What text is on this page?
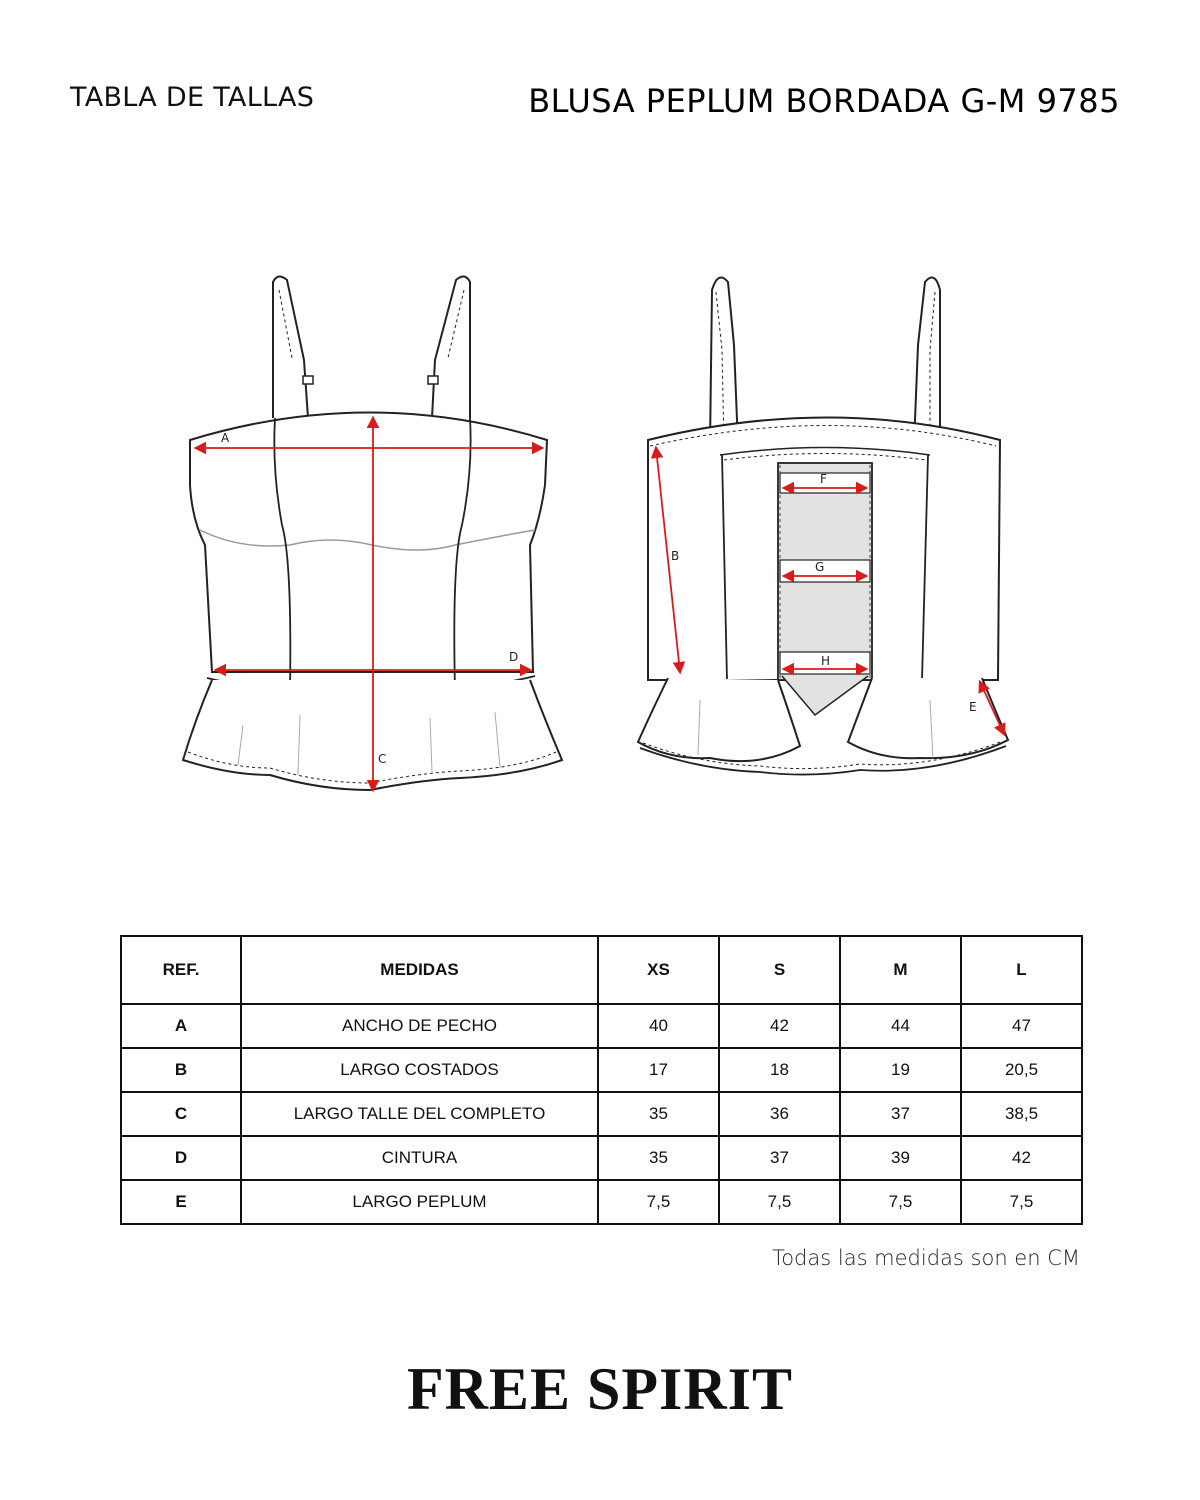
TABLA DE TALLAS	BLUSA PEPLUM BORDADA G-M 9785
A
C
D
B
F
G
H
E
REF.	MEDIDAS	XS	S	M	L
A	ANCHO DE PECHO	40	42	44	47
B	LARGO COSTADOS	17	18	19	20,5
C	LARGO TALLE DEL COMPLETO	35	36	37	38,5
D	CINTURA	35	37	39	42
E	LARGO PEPLUM	7,5	7,5	7,5	7,5
Todas las medidas son en CM
FREE SPIRIT
